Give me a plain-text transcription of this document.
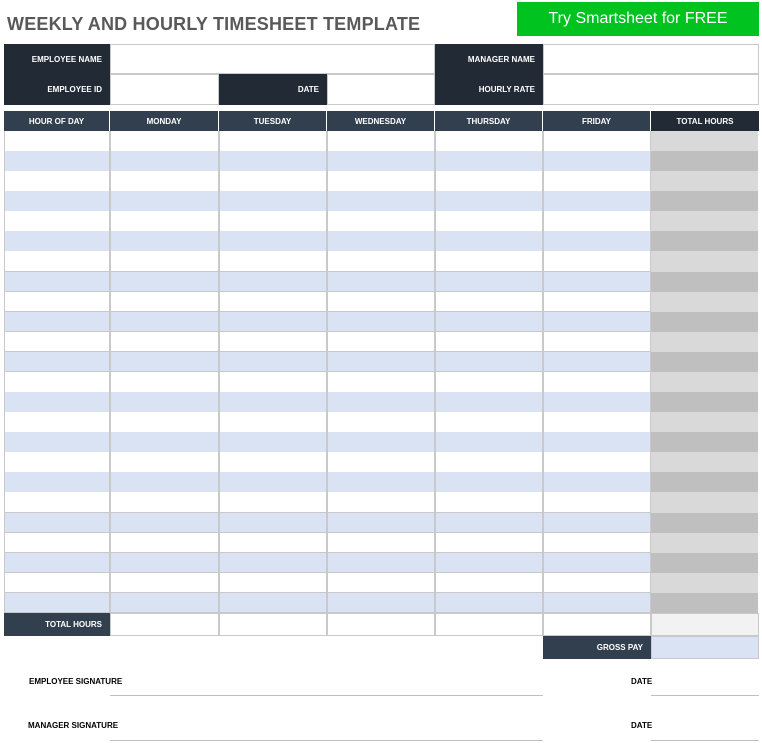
WEEKLY AND HOURLY TIMESHEET TEMPLATE	Try Smartsheet for FREE
EMPLOYEE NAME	MANAGER NAME
EMPLOYEE ID	DATE	HOURLY RATE
HOUR OF DAY	MONDAY	TUESDAY	WEDNESDAY	THURSDAY	FRIDAY	TOTAL HOURS
TOTAL HOURS
GROSS PAY
EMPLOYEE SIGNATURE	DATE
MANAGER SIGNATURE	DATE
